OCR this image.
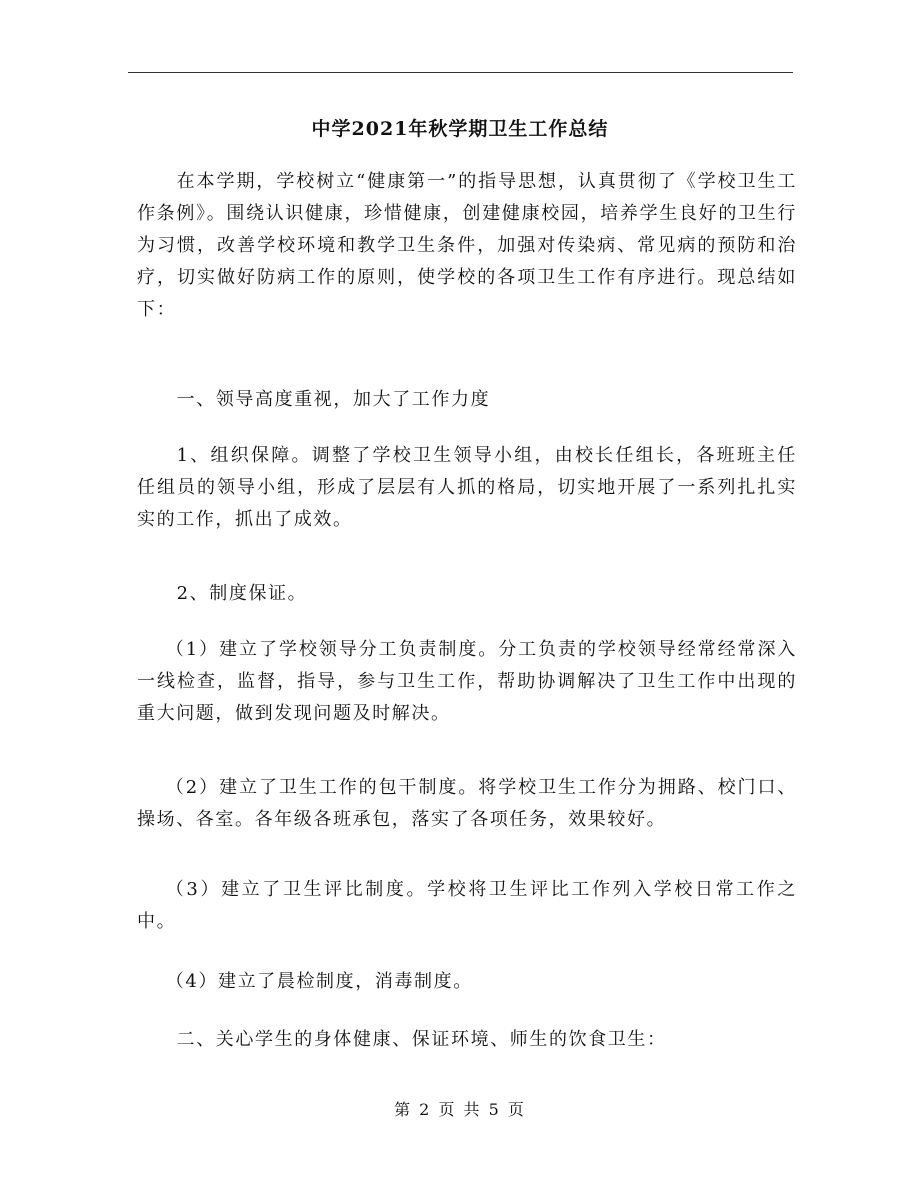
中学2021年秋学期卫生工作总结

在本学期，学校树立“健康第一”的指导思想，认真贯彻了《学校卫生工作条例》。围绕认识健康，珍惜健康，创建健康校园，培养学生良好的卫生行为习惯，改善学校环境和教学卫生条件，加强对传染病、常见病的预防和治疗，切实做好防病工作的原则，使学校的各项卫生工作有序进行。现总结如下：

一、领导高度重视，加大了工作力度

1、组织保障。调整了学校卫生领导小组，由校长任组长，各班班主任任组员的领导小组，形成了层层有人抓的格局，切实地开展了一系列扎扎实实的工作，抓出了成效。

2、制度保证。

（1）建立了学校领导分工负责制度。分工负责的学校领导经常经常深入一线检查，监督，指导，参与卫生工作，帮助协调解决了卫生工作中出现的重大问题，做到发现问题及时解决。

（2）建立了卫生工作的包干制度。将学校卫生工作分为拥路、校门口、操场、各室。各年级各班承包，落实了各项任务，效果较好。

（3）建立了卫生评比制度。学校将卫生评比工作列入学校日常工作之中。

（4）建立了晨检制度，消毒制度。

二、关心学生的身体健康、保证环境、师生的饮食卫生：

第 2 页 共 5 页
